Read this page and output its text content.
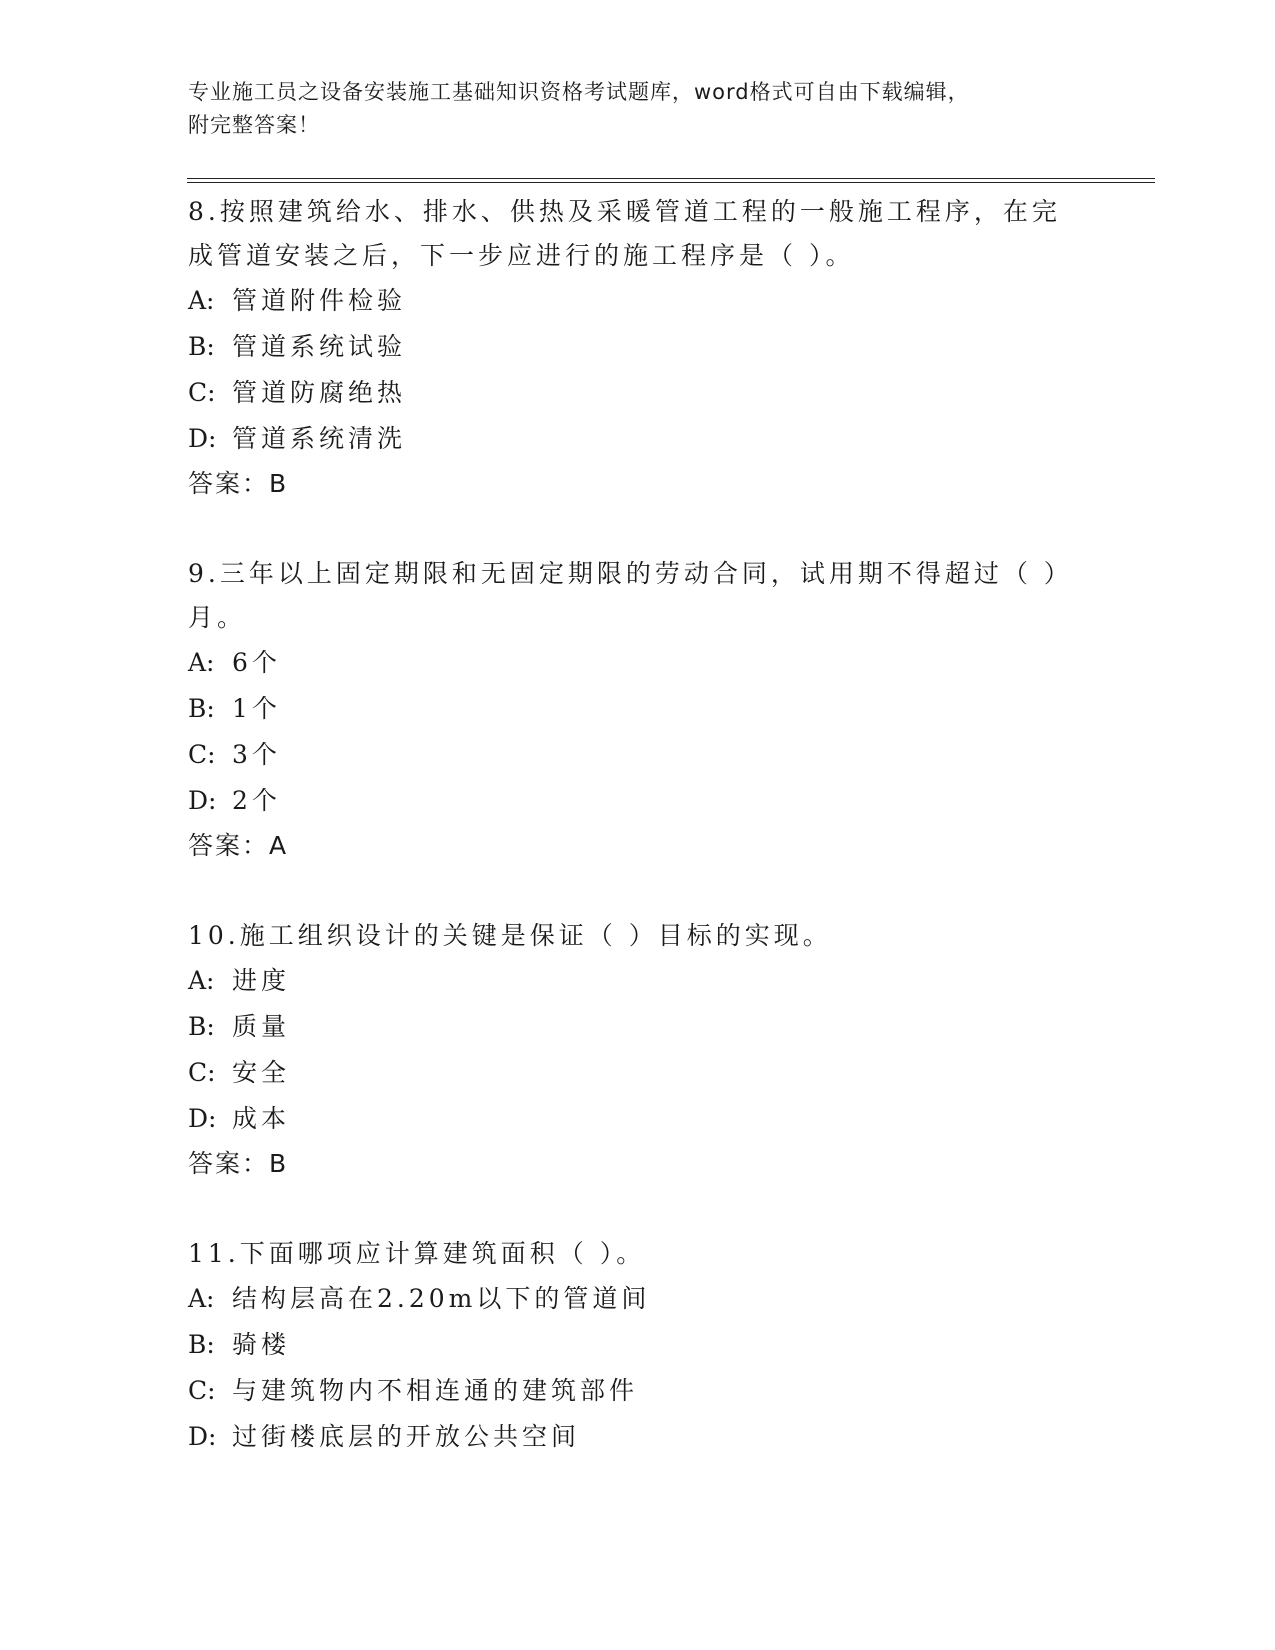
专业施工员之设备安装施工基础知识资格考试题库，word格式可自由下载编辑，
附完整答案！

8.按照建筑给水、排水、供热及采暖管道工程的一般施工程序，在完

成管道安装之后，下一步应进行的施工程序是（ ）。

A: 管道附件检验

B: 管道系统试验

C: 管道防腐绝热

D: 管道系统清洗

答案：B

9.三年以上固定期限和无固定期限的劳动合同，试用期不得超过（ ）

月。

A: 6个

B: 1个

C: 3个

D: 2个

答案：A

10.施工组织设计的关键是保证（ ）目标的实现。

A: 进度

B: 质量

C: 安全

D: 成本

答案：B

11.下面哪项应计算建筑面积（ ）。

A: 结构层高在2.20m以下的管道间

B: 骑楼

C: 与建筑物内不相连通的建筑部件

D: 过街楼底层的开放公共空间
